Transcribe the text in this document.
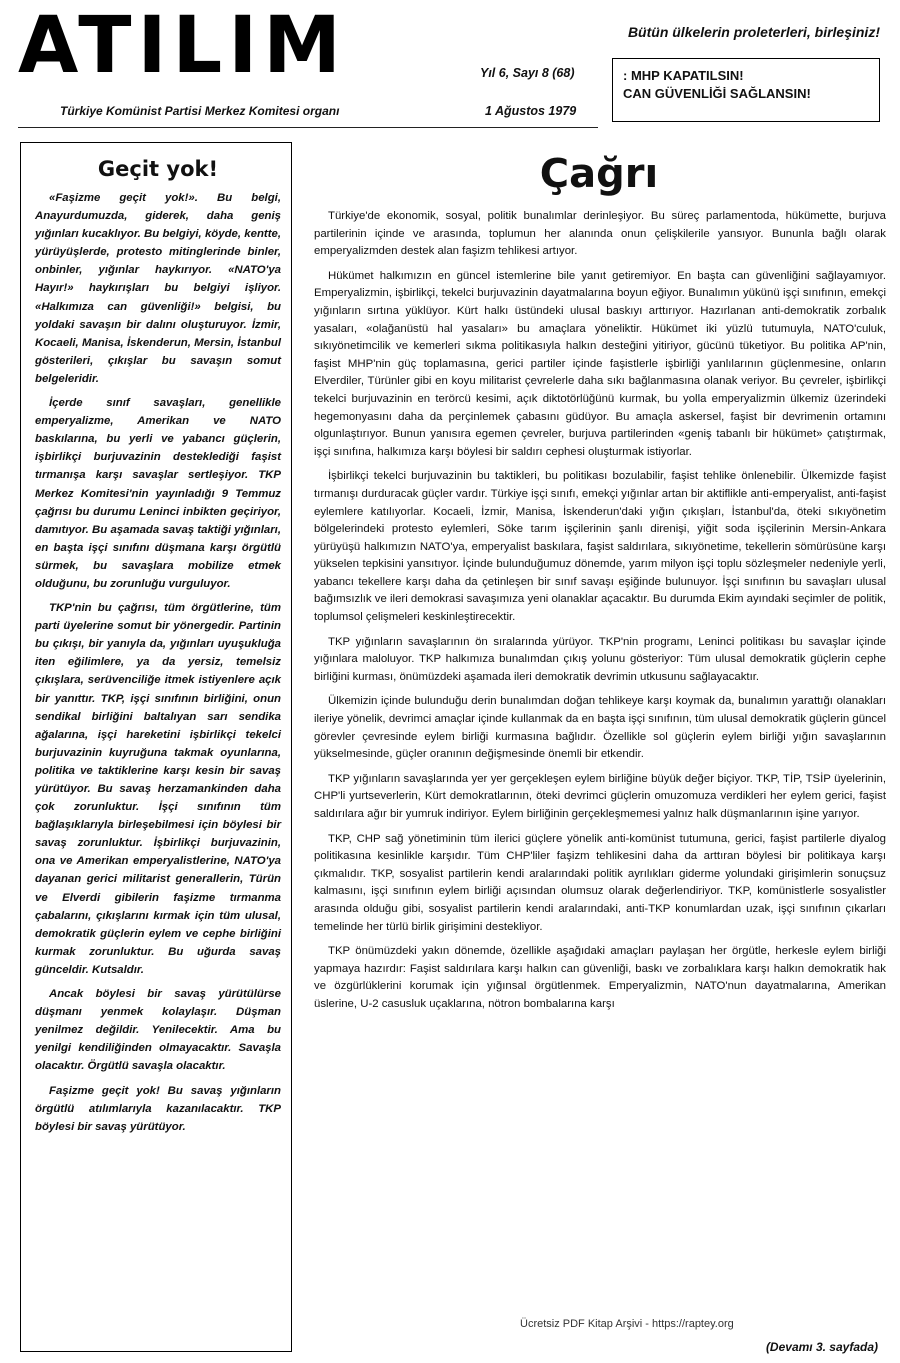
ATILIM	Bütün ülkelerin proleterleri, birleşiniz!
Yıl 6, Sayı 8 (68)
Türkiye Komünist Partisi Merkez Komitesi organı	1 Ağustos 1979
: MHP KAPATILSIN!
CAN GÜVENLİĞİ SAĞLANSIN!
Geçit yok!

«Faşizme geçit yok!». Bu belgi, Anayurdumuzda, giderek, daha geniş yığınları kucaklıyor. Bu belgiyi, köyde, kentte, yürüyüşlerde, protesto mitinglerinde binler, onbinler, yığınlar haykırıyor. «NATO'ya Hayır!» haykırışları bu belgiyi işliyor. «Halkımıza can güvenliği!» belgisi, bu yoldaki savaşın bir dalını oluşturuyor. İzmir, Kocaeli, Manisa, İskenderun, Mersin, İstanbul gösterileri, çıkışlar bu savaşın somut belgeleridir.

İçerde sınıf savaşları, genellikle emperyalizme, Amerikan ve NATO baskılarına, bu yerli ve yabancı güçlerin, işbirlikçi burjuvazinin desteklediği faşist tırmanışa karşı savaşlar sertleşiyor. TKP Merkez Komitesi'nin yayınladığı 9 Temmuz çağrısı bu durumu Leninci inbikten geçiriyor, damıtıyor. Bu aşamada savaş taktiği yığınları, en başta işçi sınıfını düşmana karşı örgütlü sürmek, bu savaşlara mobilize etmek olduğunu, bu zorunluğu vurguluyor.

TKP'nin bu çağrısı, tüm örgütlerine, tüm parti üyelerine somut bir yönergedir. Partinin bu çıkışı, bir yanıyla da, yığınları uyuşukluğa iten eğilimlere, ya da yersiz, temelsiz çıkışlara, serüvenciliğe itmek istiyenlere açık bir yanıttır. TKP, işçi sınıfının birliğini, onun sendikal birliğini baltalıyan sarı sendika ağalarına, işçi hareketini işbirlikçi tekelci burjuvazinin kuyruğuna takmak oyunlarına, politika ve taktiklerine karşı kesin bir savaş yürütüyor. Bu savaş herzamankinden daha çok zorunluktur. İşçi sınıfının tüm bağlaşıklarıyla birleşebilmesi için böylesi bir savaş zorunluktur. İşbirlikçi burjuvazinin, ona ve Amerikan emperyalistlerine, NATO'ya dayanan gerici militarist generallerin, Türün ve Elverdi gibilerin faşizme tırmanma çabalarını, çıkışlarını kırmak için tüm ulusal, demokratik güçlerin eylem ve cephe birliğini kurmak zorunluktur. Bu uğurda savaş günceldir. Kutsaldır.

Ancak böylesi bir savaş yürütülürse düşmanı yenmek kolaylaşır. Düşman yenilmez değildir. Yenilecektir. Ama bu yenilgi kendiliğinden olmayacaktır. Savaşla olacaktır. Örgütlü savaşla olacaktır.

Faşizme geçit yok! Bu savaş yığınların örgütlü atılımlarıyla kazanılacaktır. TKP böylesi bir savaş yürütüyor.

Çağrı

Türkiye'de ekonomik, sosyal, politik bunalımlar derinleşiyor. Bu süreç parlamentoda, hükümette, burjuva partilerinin içinde ve arasında, toplumun her alanında onun çelişkilerile yansıyor. Bununla bağlı olarak emperyalizmden destek alan faşizm tehlikesi artıyor.

Hükümet halkımızın en güncel istemlerine bile yanıt getiremiyor. En başta can güvenliğini sağlayamıyor. Emperyalizmin, işbirlikçi, tekelci burjuvazinin dayatmalarına boyun eğiyor. Bunalımın yükünü işçi sınıfının, emekçi yığınların sırtına yüklüyor. Kürt halkı üstündeki ulusal baskıyı arttırıyor. Hazırlanan anti-demokratik zorbalık yasaları, «olağanüstü hal yasaları» bu amaçlara yöneliktir. Hükümet iki yüzlü tutumuyla, NATO'culuk, sıkıyönetimcilik ve kemerleri sıkma politikasıyla halkın desteğini yitiriyor, gücünü tüketiyor. Bu politika AP'nin, faşist MHP'nin güç toplamasına, gerici partiler içinde faşistlerle işbirliği yanlılarının güçlenmesine, onların Elverdiler, Türünler gibi en koyu militarist çevrelerle daha sıkı bağlanmasına olanak veriyor. Bu çevreler, işbirlikçi tekelci burjuvazinin en terörcü kesimi, açık diktotörlüğünü kurmak, bu yolla emperyalizmin ülkemiz üzerindeki hegemonyasını daha da perçinlemek çabasını güdüyor. Bu amaçla askersel, faşist bir devrimenin ortamını olgunlaştırıyor. Bunun yanısıra egemen çevreler, burjuva partilerinden «geniş tabanlı bir hükümet» çatıştırmak, işçi sınıfına, halkımıza karşı böylesi bir saldırı cephesi oluşturmak istiyorlar.

İşbirlikçi tekelci burjuvazinin bu taktikleri, bu politikası bozulabilir, faşist tehlike önlenebilir. Ülkemizde faşist tırmanışı durduracak güçler vardır. Türkiye işçi sınıfı, emekçi yığınlar artan bir aktiflikle anti-emperyalist, anti-faşist eylemlere katılıyorlar. Kocaeli, İzmir, Manisa, İskenderun'daki yığın çıkışları, İstanbul'da, öteki sıkıyönetim bölgelerindeki protesto eylemleri, Söke tarım işçilerinin şanlı direnişi, yiğit soda işçilerinin Mersin-Ankara yürüyüşü halkımızın NATO'ya, emperyalist baskılara, faşist saldırılara, sıkıyönetime, tekellerin sömürüsüne karşı yükselen tepkisini yansıtıyor. İçinde bulunduğumuz dönemde, yarım milyon işçi toplu sözleşmeler nedeniyle yerli, yabancı tekellere karşı daha da çetinleşen bir sınıf savaşı eşiğinde bulunuyor. İşçi sınıfının bu savaşları ulusal bağımsızlık ve ileri demokrasi savaşımıza yeni olanaklar açacaktır. Bu durumda Ekim ayındaki seçimler de politik, toplumsol çelişmeleri keskinleştirecektir.

TKP yığınların savaşlarının ön sıralarında yürüyor. TKP'nin programı, Leninci politikası bu savaşlar içinde yığınlara maloluyor. TKP halkımıza bunalımdan çıkış yolunu gösteriyor: Tüm ulusal demokratik güçlerin cephe birliğini kurması, önümüzdeki aşamada ileri demokratik devrimin utkusunu sağlayacaktır.

Ülkemizin içinde bulunduğu derin bunalımdan doğan tehlikeye karşı koymak da, bunalımın yarattığı olanakları ileriye yönelik, devrimci amaçlar içinde kullanmak da en başta işçi sınıfının, tüm ulusal demokratik güçlerin güncel görevler çevresinde eylem birliği kurmasına bağlıdır. Özellikle sol güçlerin eylem birliği yığın savaşlarının yükselmesinde, güçler oranının değişmesinde önemli bir etkendir.

TKP yığınların savaşlarında yer yer gerçekleşen eylem birliğine büyük değer biçiyor. TKP, TİP, TSİP üyelerinin, CHP'li yurtseverlerin, Kürt demokratlarının, öteki devrimci güçlerin omuzomuza verdikleri her eylem gerici, faşist saldırılara ağır bir yumruk indiriyor. Eylem birliğinin gerçekleşmemesi yalnız halk düşmanlarının işine yarıyor.

TKP, CHP sağ yönetiminin tüm ilerici güçlere yönelik anti-komünist tutumuna, gerici, faşist partilerle diyalog politikasına kesinlikle karşıdır. Tüm CHP'liler faşizm tehlikesini daha da arttıran böylesi bir politikaya karşı çıkmalıdır. TKP, sosyalist partilerin kendi aralarındaki politik ayrılıkları giderme yolundaki girişimlerin sonuçsuz kalmasını, işçi sınıfının eylem birliği açısından olumsuz olarak değerlendiriyor. TKP, komünistlerle sosyalistler arasında olduğu gibi, sosyalist partilerin kendi aralarındaki, anti-TKP konumlardan uzak, işçi sınıfının çıkarları temelinde her türlü birlik girişimini destekliyor.

TKP önümüzdeki yakın dönemde, özellikle aşağıdaki amaçları paylaşan her örgütle, herkesle eylem birliği yapmaya hazırdır: Faşist saldırılara karşı halkın can güvenliği, baskı ve zorbalıklara karşı halkın demokratik hak ve özgürlüklerini korumak için yığınsal örgütlenmek. Emperyalizmin, NATO'nun dayatmalarına, Amerikan üslerine, U-2 casusluk uçaklarına, nötron bombalarına karşı

Ücretsiz PDF Kitap Arşivi - https://raptey.org
(Devamı 3. sayfada)
